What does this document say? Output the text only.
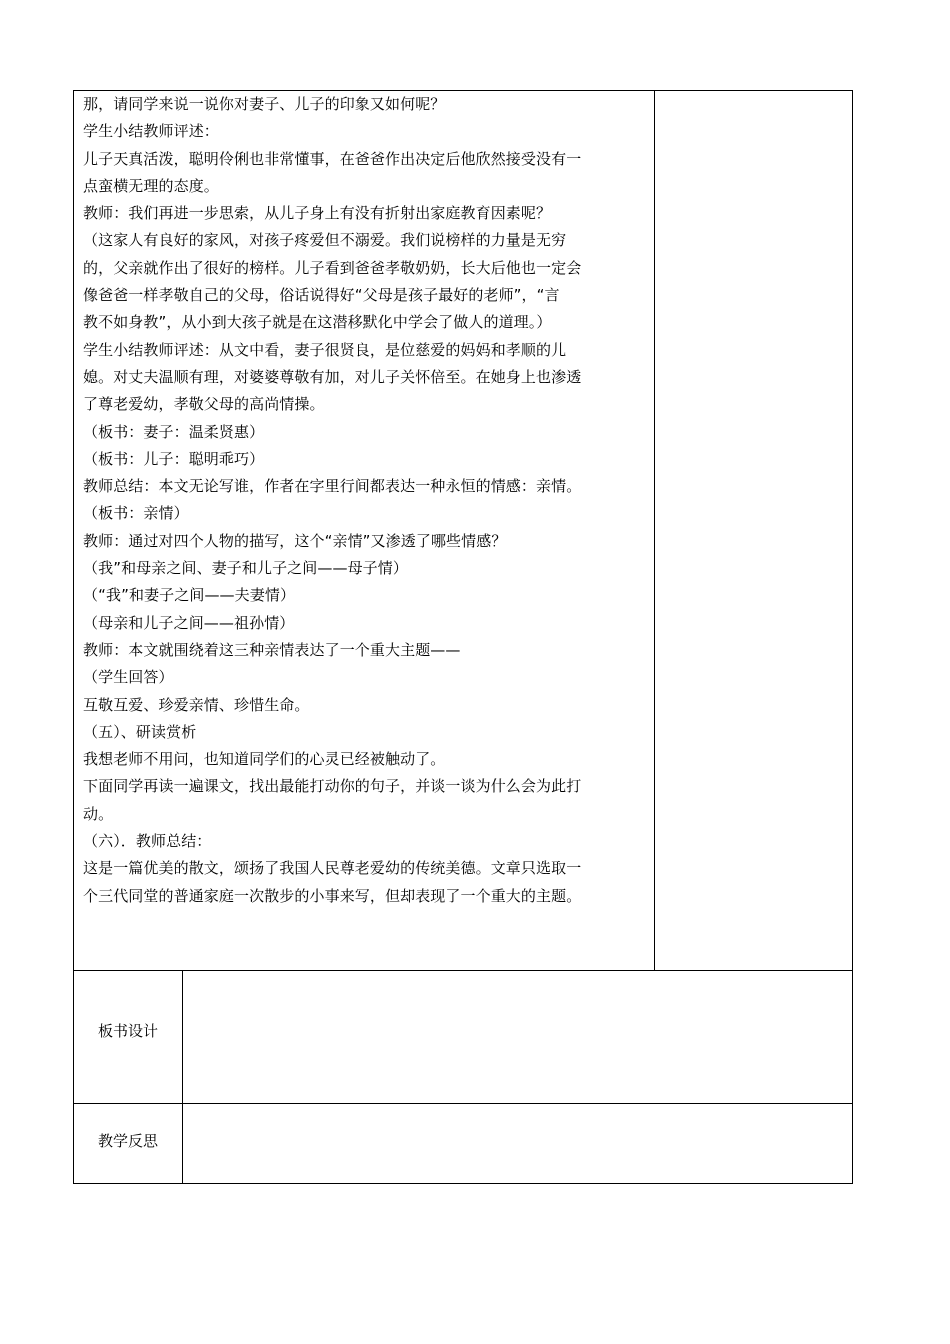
那，请同学来说一说你对妻子、儿子的印象又如何呢？
学生小结教师评述：
儿子天真活泼，聪明伶俐也非常懂事，在爸爸作出决定后他欣然接受没有一
点蛮横无理的态度。
教师：我们再进一步思索，从儿子身上有没有折射出家庭教育因素呢？
（这家人有良好的家风，对孩子疼爱但不溺爱。我们说榜样的力量是无穷
的，父亲就作出了很好的榜样。儿子看到爸爸孝敬奶奶，长大后他也一定会
像爸爸一样孝敬自己的父母，俗话说得好“父母是孩子最好的老师”，“言
教不如身教”，从小到大孩子就是在这潜移默化中学会了做人的道理。）
学生小结教师评述：从文中看，妻子很贤良，是位慈爱的妈妈和孝顺的儿
媳。对丈夫温顺有理，对婆婆尊敬有加，对儿子关怀倍至。在她身上也渗透
了尊老爱幼，孝敬父母的高尚情操。
（板书：妻子：温柔贤惠）
（板书：儿子：聪明乖巧）
教师总结：本文无论写谁，作者在字里行间都表达一种永恒的情感：亲情。
（板书：亲情）
教师：通过对四个人物的描写，这个“亲情”又渗透了哪些情感？
（我”和母亲之间、妻子和儿子之间——母子情）
（“我”和妻子之间——夫妻情）
（母亲和儿子之间——祖孙情）
教师：本文就围绕着这三种亲情表达了一个重大主题——
（学生回答）
互敬互爱、珍爱亲情、珍惜生命。
（五）、研读赏析
我想老师不用问，也知道同学们的心灵已经被触动了。
下面同学再读一遍课文，找出最能打动你的句子，并谈一谈为什么会为此打
动。
（六）．教师总结：
这是一篇优美的散文，颂扬了我国人民尊老爱幼的传统美德。文章只选取一
个三代同堂的普通家庭一次散步的小事来写，但却表现了一个重大的主题。
板书设计
教学反思
